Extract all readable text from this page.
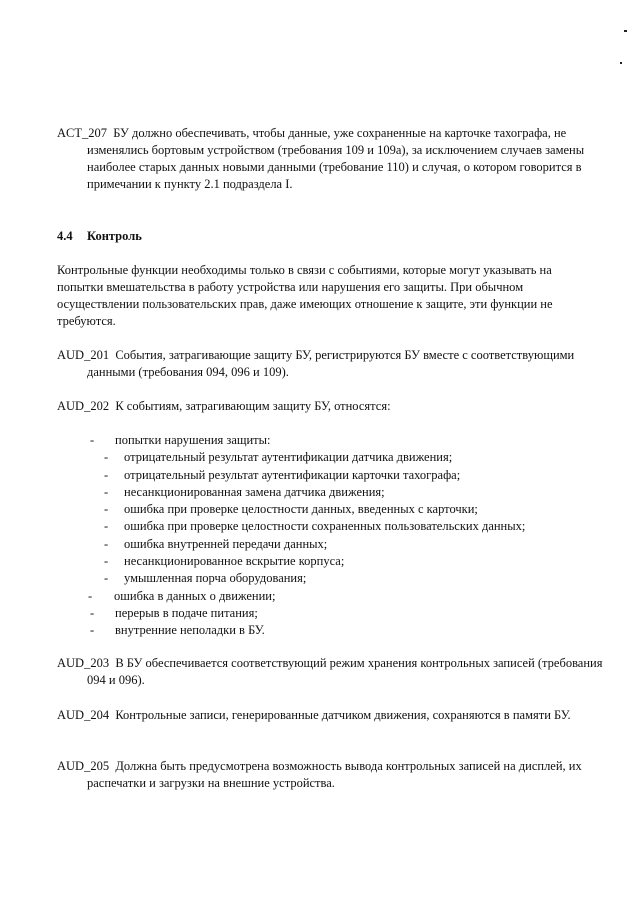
ACT_207 БУ должно обеспечивать, чтобы данные, уже сохраненные на карточке тахографа, не изменялись бортовым устройством (требования 109 и 109а), за исключением случаев замены наиболее старых данных новыми данными (требование 110) и случая, о котором говорится в примечании к пункту 2.1 подраздела I.

4.4 Контроль

Контрольные функции необходимы только в связи с событиями, которые могут указывать на попытки вмешательства в работу устройства или нарушения его защиты. При обычном осуществлении пользовательских прав, даже имеющих отношение к защите, эти функции не требуются.

AUD_201 События, затрагивающие защиту БУ, регистрируются БУ вместе с соответствующими данными (требования 094, 096 и 109).

AUD_202 К событиям, затрагивающим защиту БУ, относятся:

- попытки нарушения защиты:
- отрицательный результат аутентификации датчика движения;
- отрицательный результат аутентификации карточки тахографа;
- несанкционированная замена датчика движения;
- ошибка при проверке целостности данных, введенных с карточки;
- ошибка при проверке целостности сохраненных пользовательских данных;
- ошибка внутренней передачи данных;
- несанкционированное вскрытие корпуса;
- умышленная порча оборудования;
- ошибка в данных о движении;
- перерыв в подаче питания;
- внутренние неполадки в БУ.

AUD_203 В БУ обеспечивается соответствующий режим хранения контрольных записей (требования 094 и 096).

AUD_204 Контрольные записи, генерированные датчиком движения, сохраняются в памяти БУ.

AUD_205 Должна быть предусмотрена возможность вывода контрольных записей на дисплей, их распечатки и загрузки на внешние устройства.
